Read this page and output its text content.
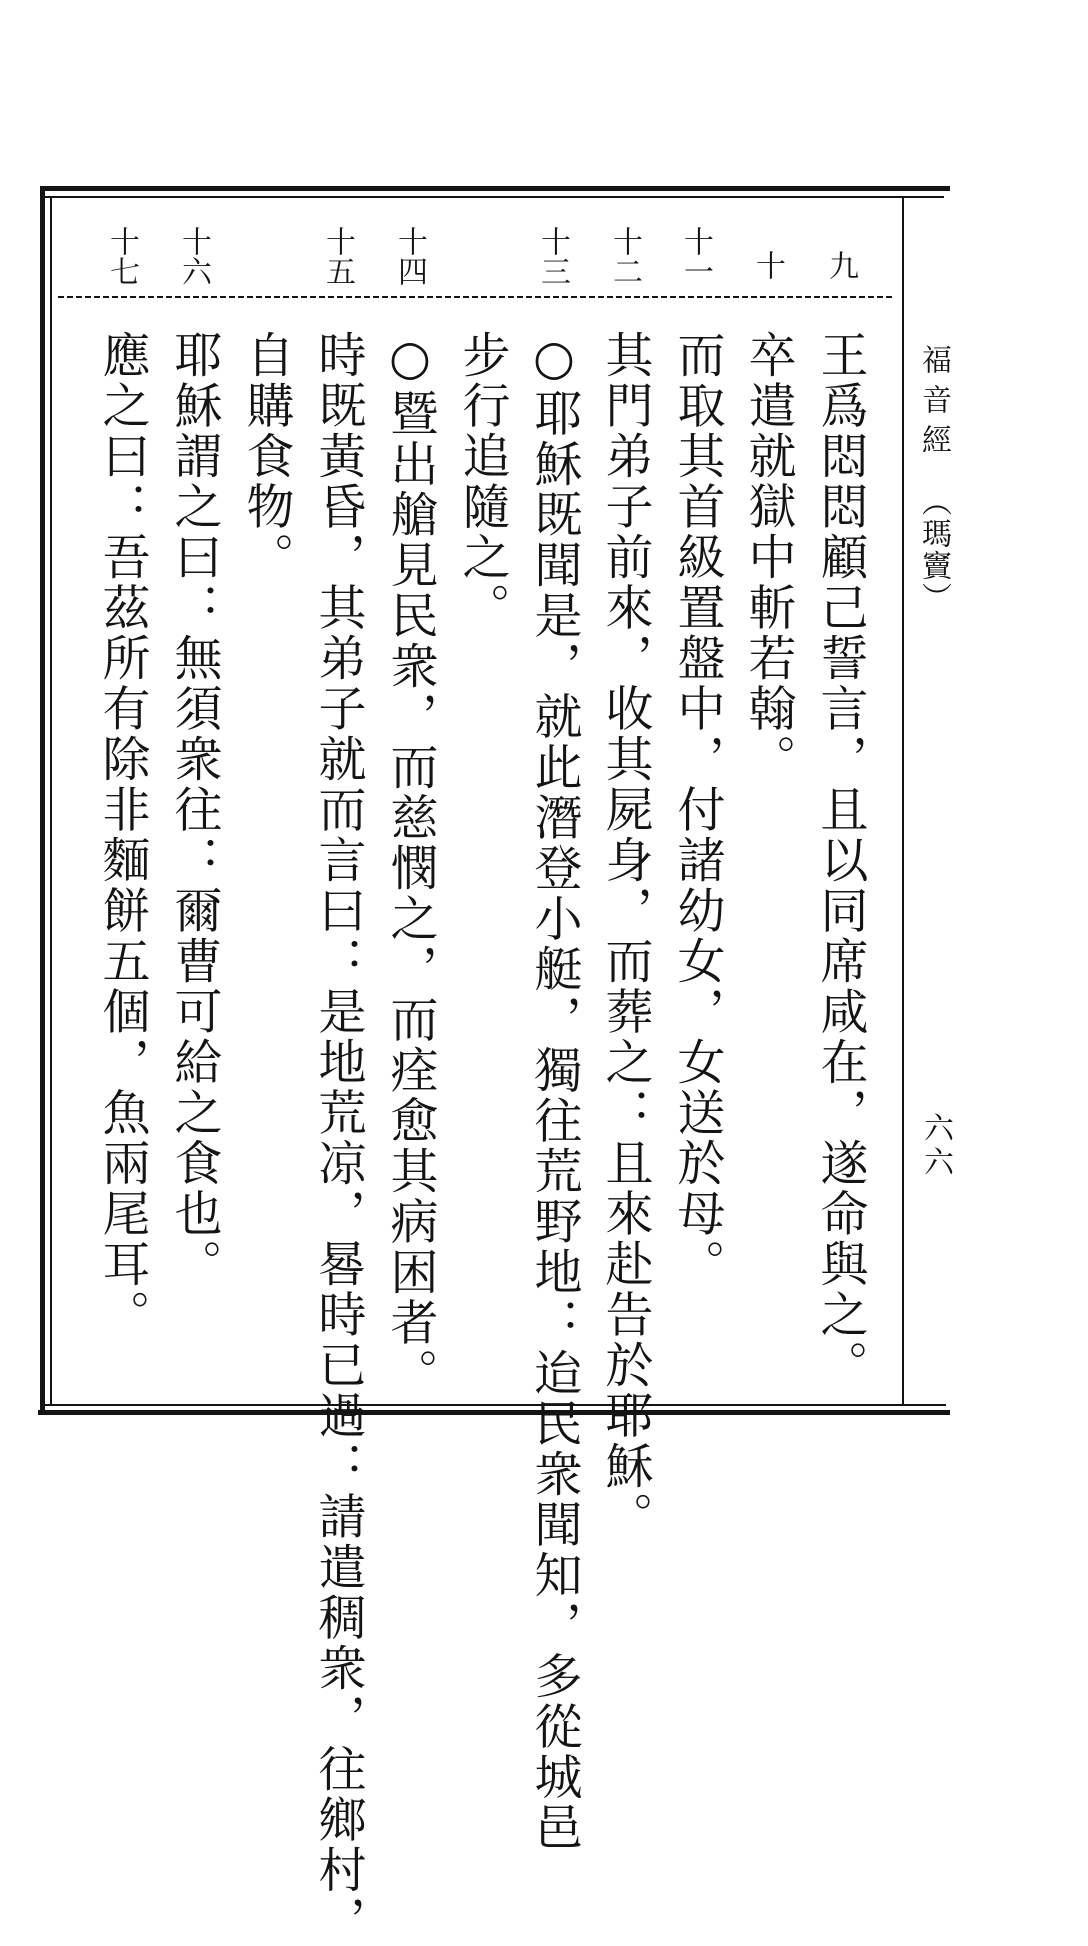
福音經
（瑪竇）
六六
九
王爲悶悶顧己誓言，且以同席咸在，遂命與之。
十
卒遣就獄中斬若翰。
十一
而取其首級置盤中，付諸幼女，女送於母。
十二
其門弟子前來，收其屍身，而葬之：且來赴告於耶穌。
十三
○耶穌既聞是，就此潛登小艇，獨往荒野地：迨民衆聞知，多從城邑
步行追隨之。
十四
○暨出艙見民衆，而慈憫之，而痊愈其病困者。
十五
時既黃昏，其弟子就而言曰：是地荒凉，晷時已過：請遣稠衆，往鄉村，
自購食物。
十六
耶穌謂之曰：無須衆往：爾曹可給之食也。
十七
應之曰：吾茲所有除非麵餅五個，魚兩尾耳。
